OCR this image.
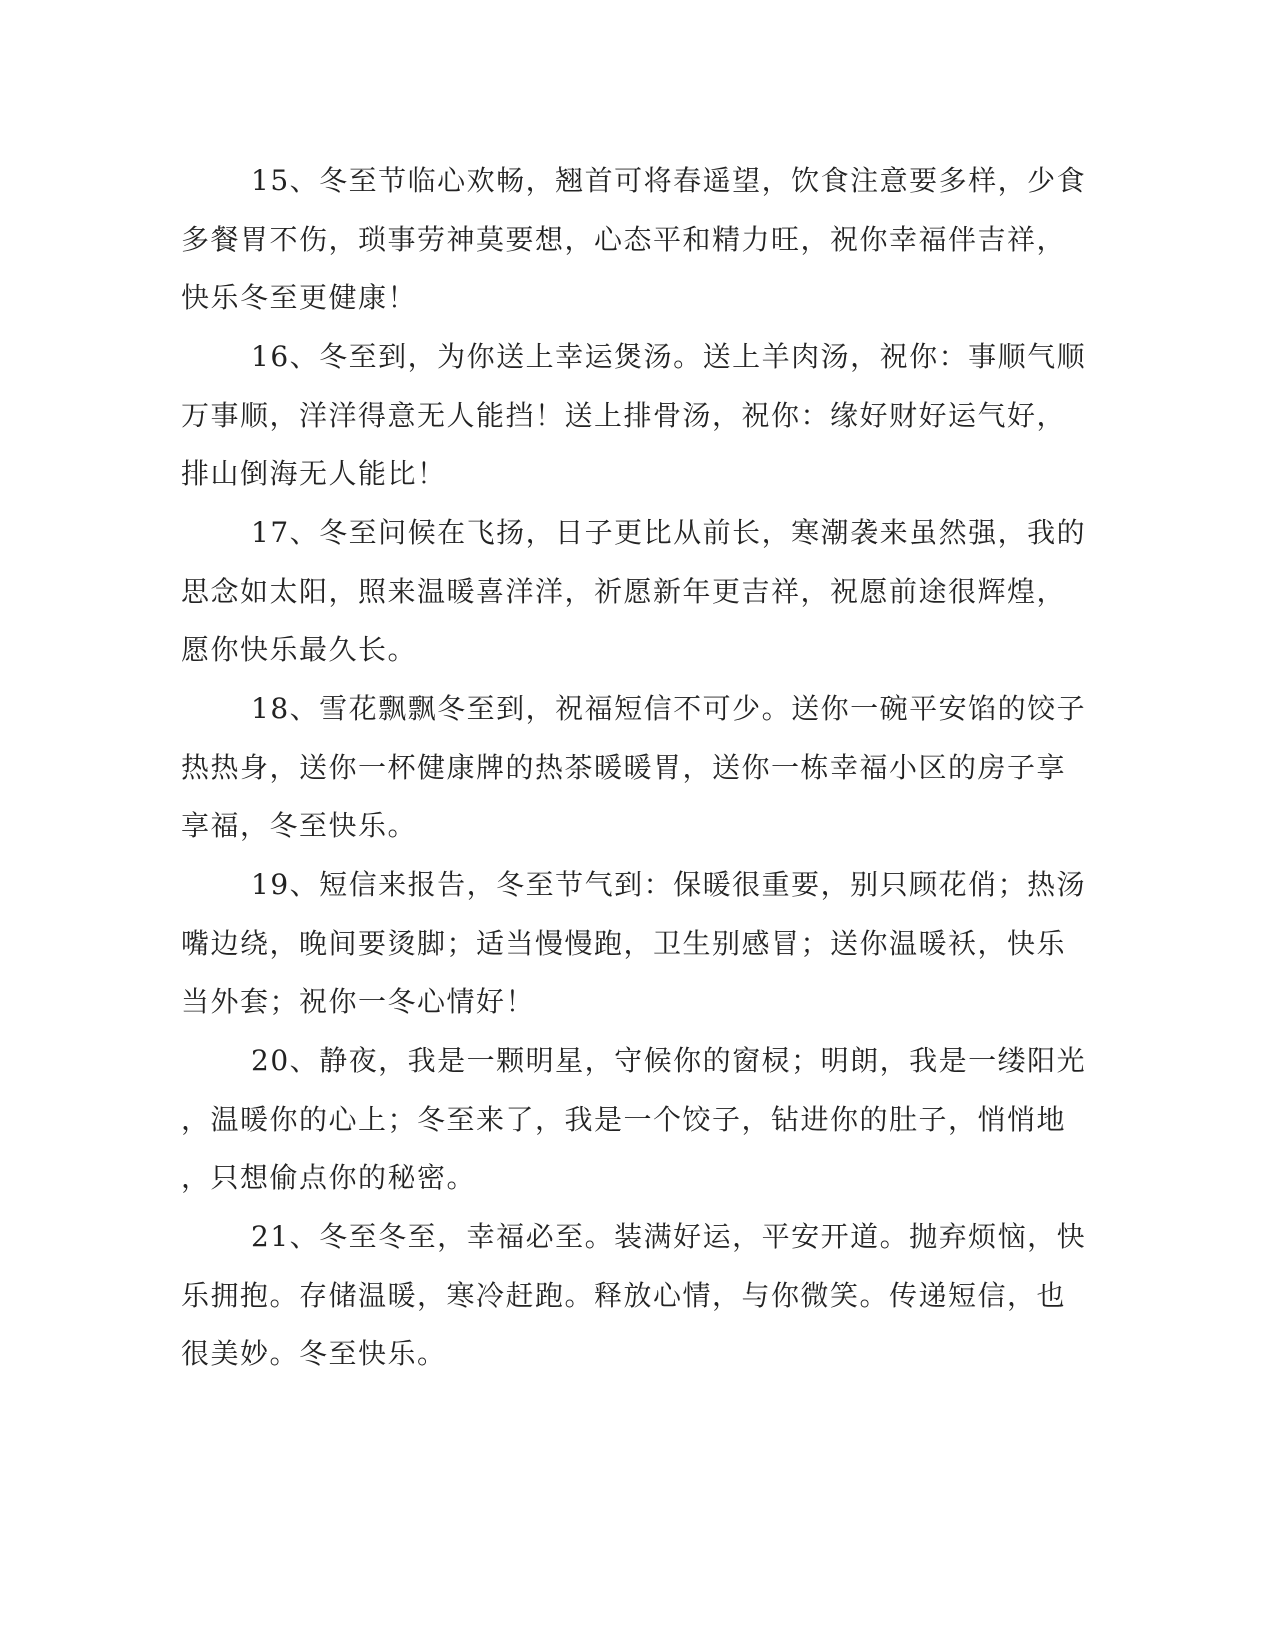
15、冬至节临心欢畅，翘首可将春遥望，饮食注意要多样，少食
多餐胃不伤，琐事劳神莫要想，心态平和精力旺，祝你幸福伴吉祥，
快乐冬至更健康！
16、冬至到，为你送上幸运煲汤。送上羊肉汤，祝你：事顺气顺
万事顺，洋洋得意无人能挡！送上排骨汤，祝你：缘好财好运气好，
排山倒海无人能比！
17、冬至问候在飞扬，日子更比从前长，寒潮袭来虽然强，我的
思念如太阳，照来温暖喜洋洋，祈愿新年更吉祥，祝愿前途很辉煌，
愿你快乐最久长。
18、雪花飘飘冬至到，祝福短信不可少。送你一碗平安馅的饺子
热热身，送你一杯健康牌的热茶暖暖胃，送你一栋幸福小区的房子享
享福，冬至快乐。
19、短信来报告，冬至节气到：保暖很重要，别只顾花俏；热汤
嘴边绕，晚间要烫脚；适当慢慢跑，卫生别感冒；送你温暖袄，快乐
当外套；祝你一冬心情好！
20、静夜，我是一颗明星，守候你的窗棂；明朗，我是一缕阳光
，温暖你的心上；冬至来了，我是一个饺子，钻进你的肚子，悄悄地
，只想偷点你的秘密。
21、冬至冬至，幸福必至。装满好运，平安开道。抛弃烦恼，快
乐拥抱。存储温暖，寒冷赶跑。释放心情，与你微笑。传递短信，也
很美妙。冬至快乐。
